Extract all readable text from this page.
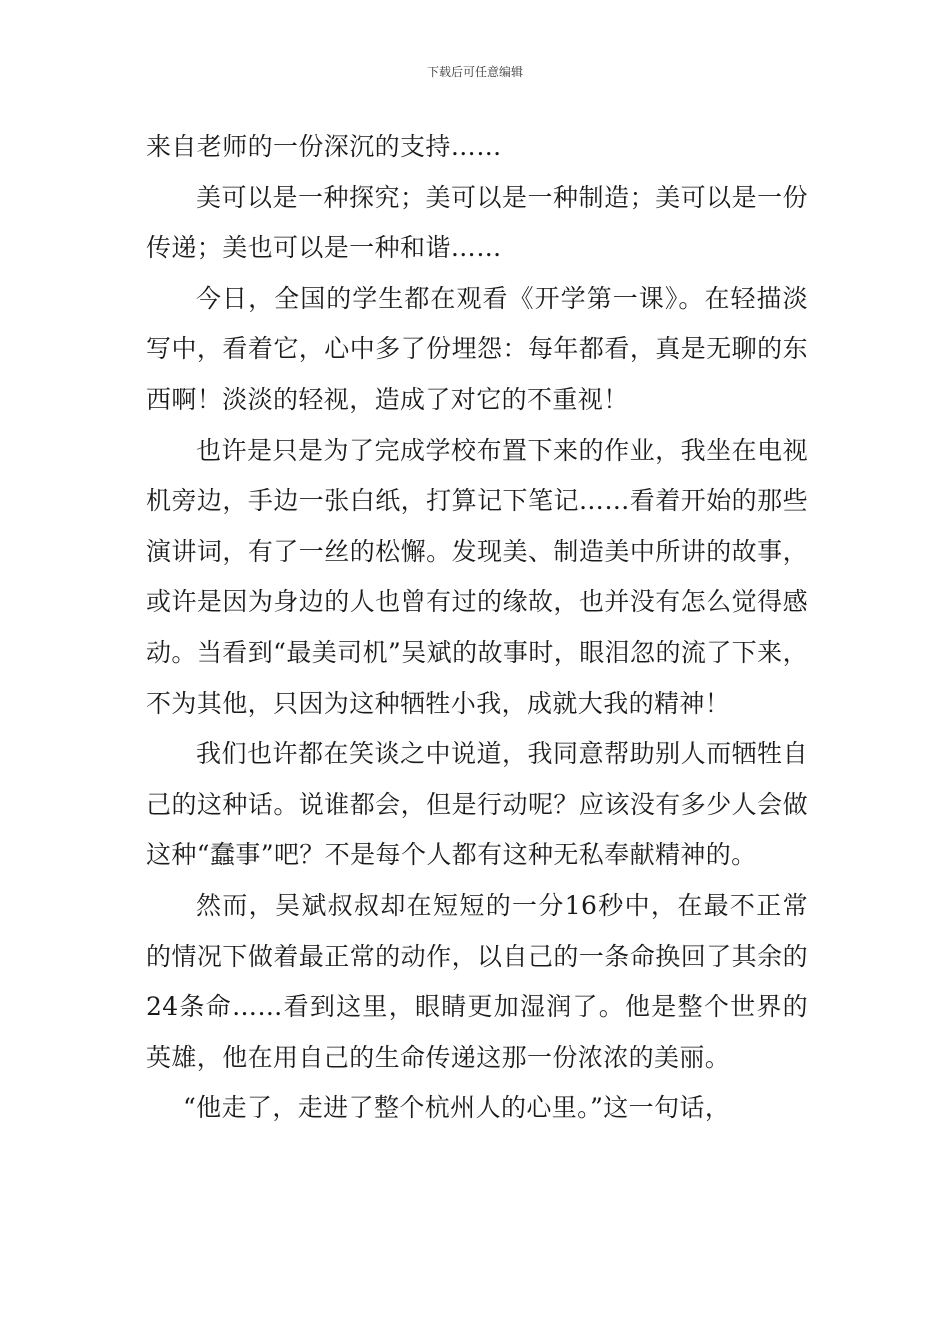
下载后可任意编辑

来自老师的一份深沉的支持……

美可以是一种探究；美可以是一种制造；美可以是一份传递；美也可以是一种和谐……

今日，全国的学生都在观看《开学第一课》。在轻描淡写中，看着它，心中多了份埋怨：每年都看，真是无聊的东西啊！淡淡的轻视，造成了对它的不重视！

也许是只是为了完成学校布置下来的作业，我坐在电视机旁边，手边一张白纸，打算记下笔记……看着开始的那些演讲词，有了一丝的松懈。发现美、制造美中所讲的故事，或许是因为身边的人也曾有过的缘故，也并没有怎么觉得感动。当看到“最美司机”吴斌的故事时，眼泪忽的流了下来，不为其他，只因为这种牺牲小我，成就大我的精神！

我们也许都在笑谈之中说道，我同意帮助别人而牺牲自己的这种话。说谁都会，但是行动呢？应该没有多少人会做这种“蠢事”吧？不是每个人都有这种无私奉献精神的。

然而，吴斌叔叔却在短短的一分16秒中，在最不正常的情况下做着最正常的动作，以自己的一条命换回了其余的24条命……看到这里，眼睛更加湿润了。他是整个世界的英雄，他在用自己的生命传递这那一份浓浓的美丽。

“他走了，走进了整个杭州人的心里。”这一句话，
